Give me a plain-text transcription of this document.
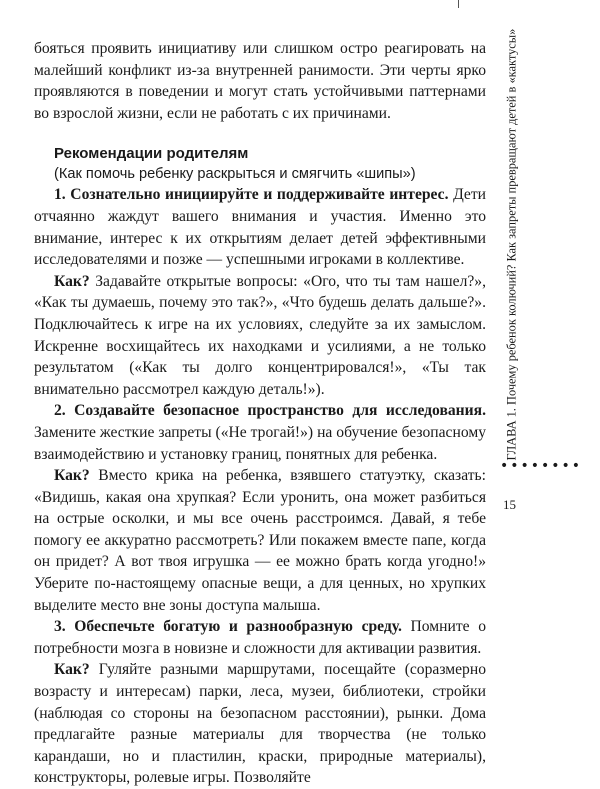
бояться проявить инициативу или слишком остро реагировать на малейший конфликт из-за внутренней ранимости. Эти черты ярко проявляются в поведении и могут стать устойчивыми паттернами во взрослой жизни, если не работать с их причинами.

Рекомендации родителям

(Как помочь ребенку раскрыться и смягчить «шипы»)

1. Сознательно инициируйте и поддерживайте интерес. Дети отчаянно жаждут вашего внимания и участия. Именно это внимание, интерес к их открытиям делает детей эффективными исследователями и позже — успешными игроками в коллективе.

Как? Задавайте открытые вопросы: «Ого, что ты там нашел?», «Как ты думаешь, почему это так?», «Что будешь делать дальше?». Подключайтесь к игре на их условиях, следуйте за их замыслом. Искренне восхищайтесь их находками и усилиями, а не только результатом («Как ты долго концентрировался!», «Ты так внимательно рассмотрел каждую деталь!»).

2. Создавайте безопасное пространство для исследования. Замените жесткие запреты («Не трогай!») на обучение безопасному взаимодействию и установку границ, понятных для ребенка.

Как? Вместо крика на ребенка, взявшего статуэтку, сказать: «Видишь, какая она хрупкая? Если уронить, она может разбиться на острые осколки, и мы все очень расстроимся. Давай, я тебе помогу ее аккуратно рассмотреть? Или покажем вместе папе, когда он придет? А вот твоя игрушка — ее можно брать когда угодно!» Уберите по-настоящему опасные вещи, а для ценных, но хрупких выделите место вне зоны доступа малыша.

3. Обеспечьте богатую и разнообразную среду. Помните о потребности мозга в новизне и сложности для активации развития.

Как? Гуляйте разными маршрутами, посещайте (соразмерно возрасту и интересам) парки, леса, музеи, библиотеки, стройки (наблюдая со стороны на безопасном расстоянии), рынки. Дома предлагайте разные материалы для творчества (не только карандаши, но и пластилин, краски, природные материалы), конструкторы, ролевые игры. Позволяйте

ГЛАВА 1. Почему ребенок колючий? Как запреты превращают детей в «кактусы»
••••••••
15
